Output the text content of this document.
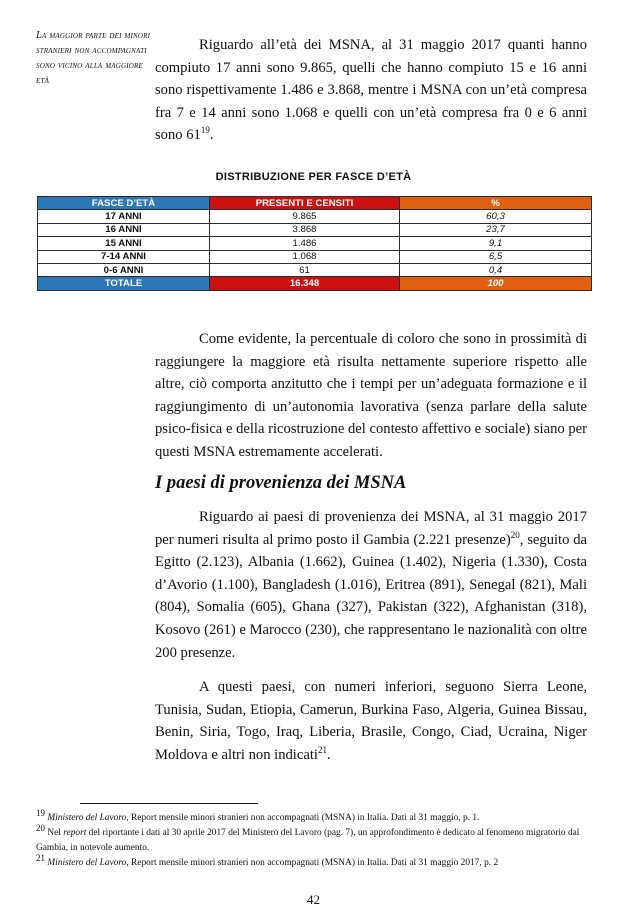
La maggior parte dei minori stranieri non accompagnati sono vicino alla maggiore età
Riguardo all’età dei MSNA, al 31 maggio 2017 quanti hanno compiuto 17 anni sono 9.865, quelli che hanno compiuto 15 e 16 anni sono rispettivamente 1.486 e 3.868, mentre i MSNA con un’età compresa fra 7 e 14 anni sono 1.068 e quelli con un’età compresa fra 0 e 6 anni sono $61^{19}$.
DISTRIBUZIONE PER FASCE D’ETÀ
FASCE D’ETÀ	PRESENTI E CENSITI	%
17 ANNI	9.865	60,3
16 ANNI	3.868	23,7
15 ANNI	1.486	9,1
7-14 ANNI	1.068	6,5
0-6 ANNI	61	0,4
TOTALE	16.348	100
Come evidente, la percentuale di coloro che sono in prossimità di raggiungere la maggiore età risulta nettamente superiore rispetto alle altre, ciò comporta anzitutto che i tempi per un’adeguata formazione e il raggiungimento di un’autonomia lavorativa (senza parlare della salute psico-fisica e della ricostruzione del contesto affettivo e sociale) siano per questi MSNA estremamente accelerati.
I paesi di provenienza dei MSNA
Riguardo ai paesi di provenienza dei MSNA, al 31 maggio 2017 per numeri risulta al primo posto il Gambia (2.221 presenze)$^{20}$, seguito da Egitto (2.123), Albania (1.662), Guinea (1.402), Nigeria (1.330), Costa d’Avorio (1.100), Bangladesh (1.016), Eritrea (891), Senegal (821), Mali (804), Somalia (605), Ghana (327), Pakistan (322), Afghanistan (318), Kosovo (261) e Marocco (230), che rappresentano le nazionalità con oltre 200 presenze.
A questi paesi, con numeri inferiori, seguono Sierra Leone, Tunisia, Sudan, Etiopia, Camerun, Burkina Faso, Algeria, Guinea Bissau, Benin, Siria, Togo, Iraq, Liberia, Brasile, Congo, Ciad, Ucraina, Niger Moldova e altri non indicati$^{21}$.
$^{19}$ Ministero del Lavoro, Report mensile minori stranieri non accompagnati (MSNA) in Italia. Dati al 31 maggio, p. 1.
$^{20}$ Nel report del riportante i dati al 30 aprile 2017 del Ministero del Lavoro (pag. 7), un approfondimento è dedicato al fenomeno migratorio dal Gambia, in notevole aumento.
$^{21}$ Ministero del Lavoro, Report mensile minori stranieri non accompagnati (MSNA) in Italia. Dati al 31 maggio 2017, p. 2
42
